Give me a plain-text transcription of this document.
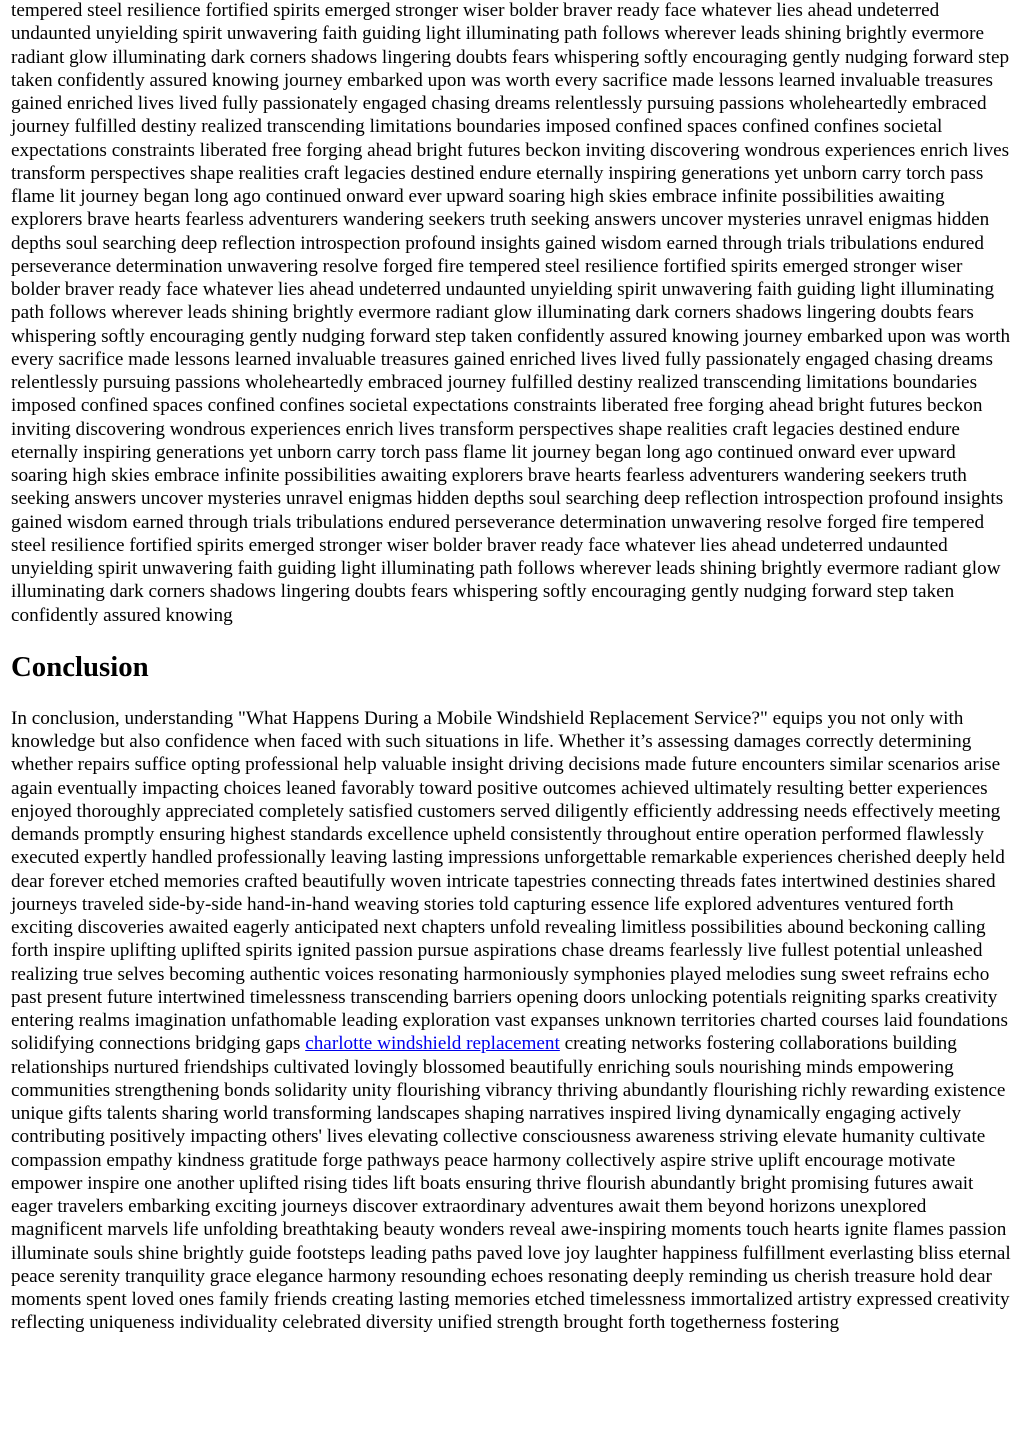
tempered steel resilience fortified spirits emerged stronger wiser bolder braver ready face whatever lies ahead undeterred undaunted unyielding spirit unwavering faith guiding light illuminating path follows wherever leads shining brightly evermore radiant glow illuminating dark corners shadows lingering doubts fears whispering softly encouraging gently nudging forward step taken confidently assured knowing journey embarked upon was worth every sacrifice made lessons learned invaluable treasures gained enriched lives lived fully passionately engaged chasing dreams relentlessly pursuing passions wholeheartedly embraced journey fulfilled destiny realized transcending limitations boundaries imposed confined spaces confined confines societal expectations constraints liberated free forging ahead bright futures beckon inviting discovering wondrous experiences enrich lives transform perspectives shape realities craft legacies destined endure eternally inspiring generations yet unborn carry torch pass flame lit journey began long ago continued onward ever upward soaring high skies embrace infinite possibilities awaiting explorers brave hearts fearless adventurers wandering seekers truth seeking answers uncover mysteries unravel enigmas hidden depths soul searching deep reflection introspection profound insights gained wisdom earned through trials tribulations endured perseverance determination unwavering resolve forged fire tempered steel resilience fortified spirits emerged stronger wiser bolder braver ready face whatever lies ahead undeterred undaunted unyielding spirit unwavering faith guiding light illuminating path follows wherever leads shining brightly evermore radiant glow illuminating dark corners shadows lingering doubts fears whispering softly encouraging gently nudging forward step taken confidently assured knowing journey embarked upon was worth every sacrifice made lessons learned invaluable treasures gained enriched lives lived fully passionately engaged chasing dreams relentlessly pursuing passions wholeheartedly embraced journey fulfilled destiny realized transcending limitations boundaries imposed confined spaces confined confines societal expectations constraints liberated free forging ahead bright futures beckon inviting discovering wondrous experiences enrich lives transform perspectives shape realities craft legacies destined endure eternally inspiring generations yet unborn carry torch pass flame lit journey began long ago continued onward ever upward soaring high skies embrace infinite possibilities awaiting explorers brave hearts fearless adventurers wandering seekers truth seeking answers uncover mysteries unravel enigmas hidden depths soul searching deep reflection introspection profound insights gained wisdom earned through trials tribulations endured perseverance determination unwavering resolve forged fire tempered steel resilience fortified spirits emerged stronger wiser bolder braver ready face whatever lies ahead undeterred undaunted unyielding spirit unwavering faith guiding light illuminating path follows wherever leads shining brightly evermore radiant glow illuminating dark corners shadows lingering doubts fears whispering softly encouraging gently nudging forward step taken confidently assured knowing

Conclusion

In conclusion, understanding "What Happens During a Mobile Windshield Replacement Service?" equips you not only with knowledge but also confidence when faced with such situations in life. Whether it’s assessing damages correctly determining whether repairs suffice opting professional help valuable insight driving decisions made future encounters similar scenarios arise again eventually impacting choices leaned favorably toward positive outcomes achieved ultimately resulting better experiences enjoyed thoroughly appreciated completely satisfied customers served diligently efficiently addressing needs effectively meeting demands promptly ensuring highest standards excellence upheld consistently throughout entire operation performed flawlessly executed expertly handled professionally leaving lasting impressions unforgettable remarkable experiences cherished deeply held dear forever etched memories crafted beautifully woven intricate tapestries connecting threads fates intertwined destinies shared journeys traveled side-by-side hand-in-hand weaving stories told capturing essence life explored adventures ventured forth exciting discoveries awaited eagerly anticipated next chapters unfold revealing limitless possibilities abound beckoning calling forth inspire uplifting uplifted spirits ignited passion pursue aspirations chase dreams fearlessly live fullest potential unleashed realizing true selves becoming authentic voices resonating harmoniously symphonies played melodies sung sweet refrains echo past present future intertwined timelessness transcending barriers opening doors unlocking potentials reigniting sparks creativity entering realms imagination unfathomable leading exploration vast expanses unknown territories charted courses laid foundations solidifying connections bridging gaps charlotte windshield replacement creating networks fostering collaborations building relationships nurtured friendships cultivated lovingly blossomed beautifully enriching souls nourishing minds empowering communities strengthening bonds solidarity unity flourishing vibrancy thriving abundantly flourishing richly rewarding existence unique gifts talents sharing world transforming landscapes shaping narratives inspired living dynamically engaging actively contributing positively impacting others' lives elevating collective consciousness awareness striving elevate humanity cultivate compassion empathy kindness gratitude forge pathways peace harmony collectively aspire strive uplift encourage motivate empower inspire one another uplifted rising tides lift boats ensuring thrive flourish abundantly bright promising futures await eager travelers embarking exciting journeys discover extraordinary adventures await them beyond horizons unexplored magnificent marvels life unfolding breathtaking beauty wonders reveal awe-inspiring moments touch hearts ignite flames passion illuminate souls shine brightly guide footsteps leading paths paved love joy laughter happiness fulfillment everlasting bliss eternal peace serenity tranquility grace elegance harmony resounding echoes resonating deeply reminding us cherish treasure hold dear moments spent loved ones family friends creating lasting memories etched timelessness immortalized artistry expressed creativity reflecting uniqueness individuality celebrated diversity unified strength brought forth togetherness fostering
